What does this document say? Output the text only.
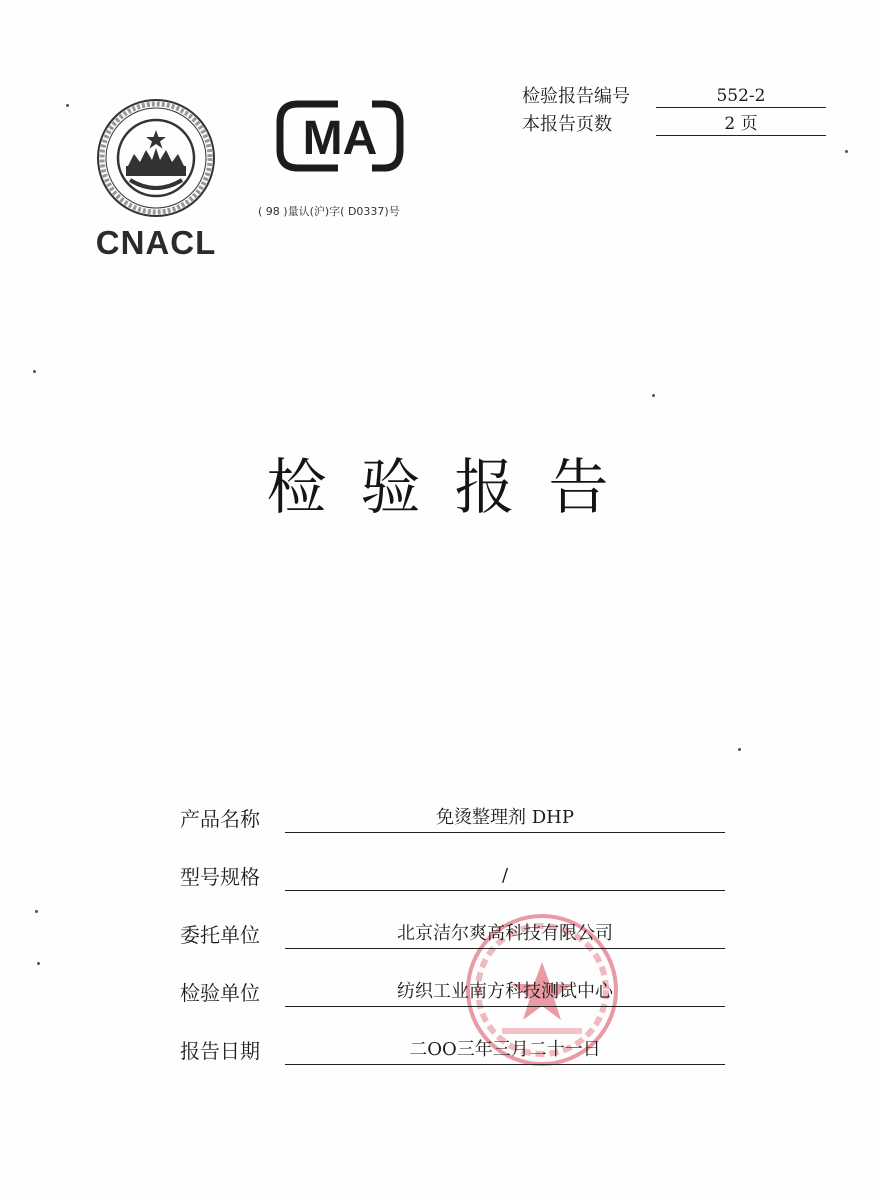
CNACL
MA
( 98 )量认(沪)字( D0337)号
检验报告编号	552-2
本报告页数	2 页
检验报告
产品名称	免烫整理剂 DHP
型号规格	/
委托单位	北京洁尔爽高科技有限公司
检验单位	纺织工业南方科技测试中心
报告日期	二OO三年三月二十一日
